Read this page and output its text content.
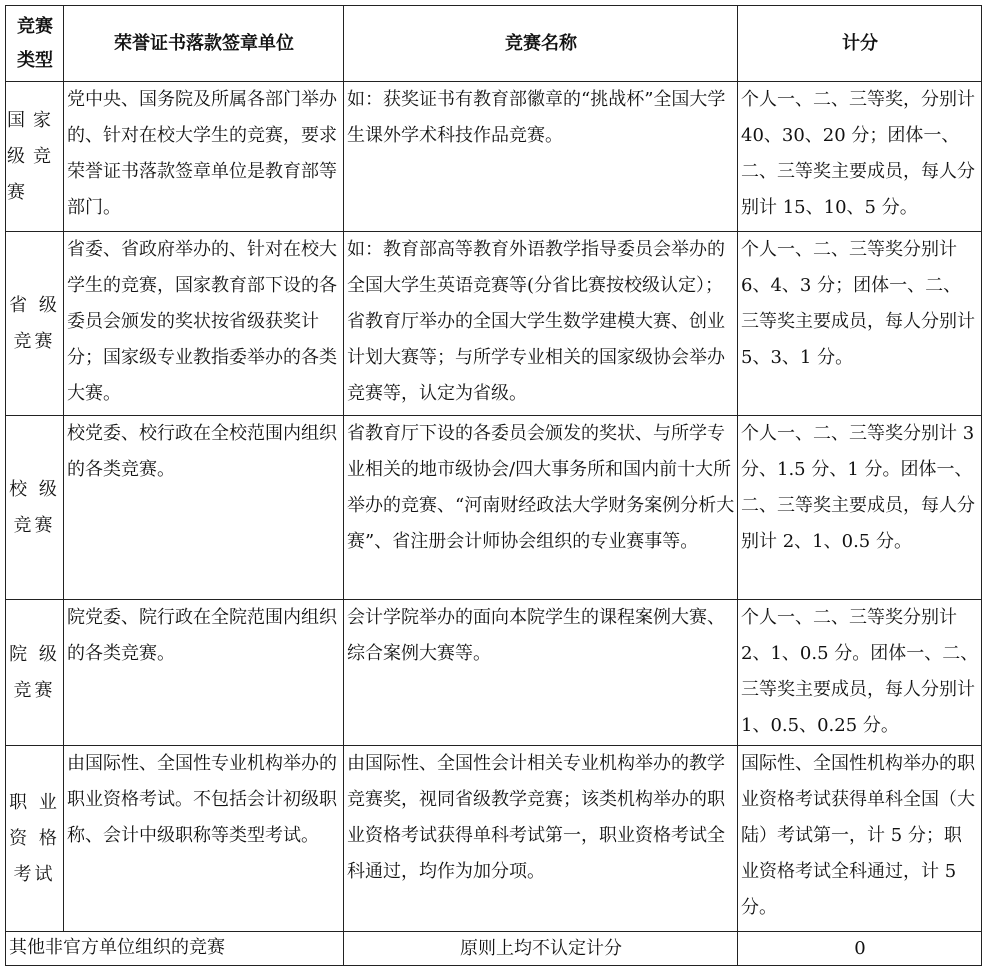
竞赛
类型	荣誉证书落款签章单位	竞赛名称	计分
国家级竞赛	党中央、国务院及所属各部门举办的、针对在校大学生的竞赛，要求荣誉证书落款签章单位是教育部等部门。	如：获奖证书有教育部徽章的“挑战杯”全国大学生课外学术科技作品竞赛。	个人一、二、三等奖，分别计 40、30、20 分；团体一、二、三等奖主要成员，每人分别计 15、10、5 分。
省 级
竞赛	省委、省政府举办的、针对在校大学生的竞赛，国家教育部下设的各委员会颁发的奖状按省级获奖计分；国家级专业教指委举办的各类大赛。	如：教育部高等教育外语教学指导委员会举办的全国大学生英语竞赛等(分省比赛按校级认定）；省教育厅举办的全国大学生数学建模大赛、创业计划大赛等；与所学专业相关的国家级协会举办竞赛等，认定为省级。	个人一、二、三等奖分别计 6、4、3 分；团体一、二、三等奖主要成员，每人分别计 5、3、1 分。
校 级
竞赛	校党委、校行政在全校范围内组织的各类竞赛。	省教育厅下设的各委员会颁发的奖状、与所学专业相关的地市级协会/四大事务所和国内前十大所举办的竞赛、“河南财经政法大学财务案例分析大赛”、省注册会计师协会组织的专业赛事等。	个人一、二、三等奖分别计 3 分、1.5 分、1 分。团体一、二、三等奖主要成员，每人分别计 2、1、0.5 分。
院 级
竞赛	院党委、院行政在全院范围内组织的各类竞赛。	会计学院举办的面向本院学生的课程案例大赛、综合案例大赛等。	个人一、二、三等奖分别计 2、1、0.5 分。团体一、二、三等奖主要成员，每人分别计 1、0.5、0.25 分。
职 业
资 格
考试	由国际性、全国性专业机构举办的职业资格考试。不包括会计初级职称、会计中级职称等类型考试。	由国际性、全国性会计相关专业机构举办的教学竞赛奖，视同省级教学竞赛；该类机构举办的职业资格考试获得单科考试第一，职业资格考试全科通过，均作为加分项。	国际性、全国性机构举办的职业资格考试获得单科全国（大陆）考试第一，计 5 分；职业资格考试全科通过，计 5 分。
其他非官方单位组织的竞赛		原则上均不认定计分	0
